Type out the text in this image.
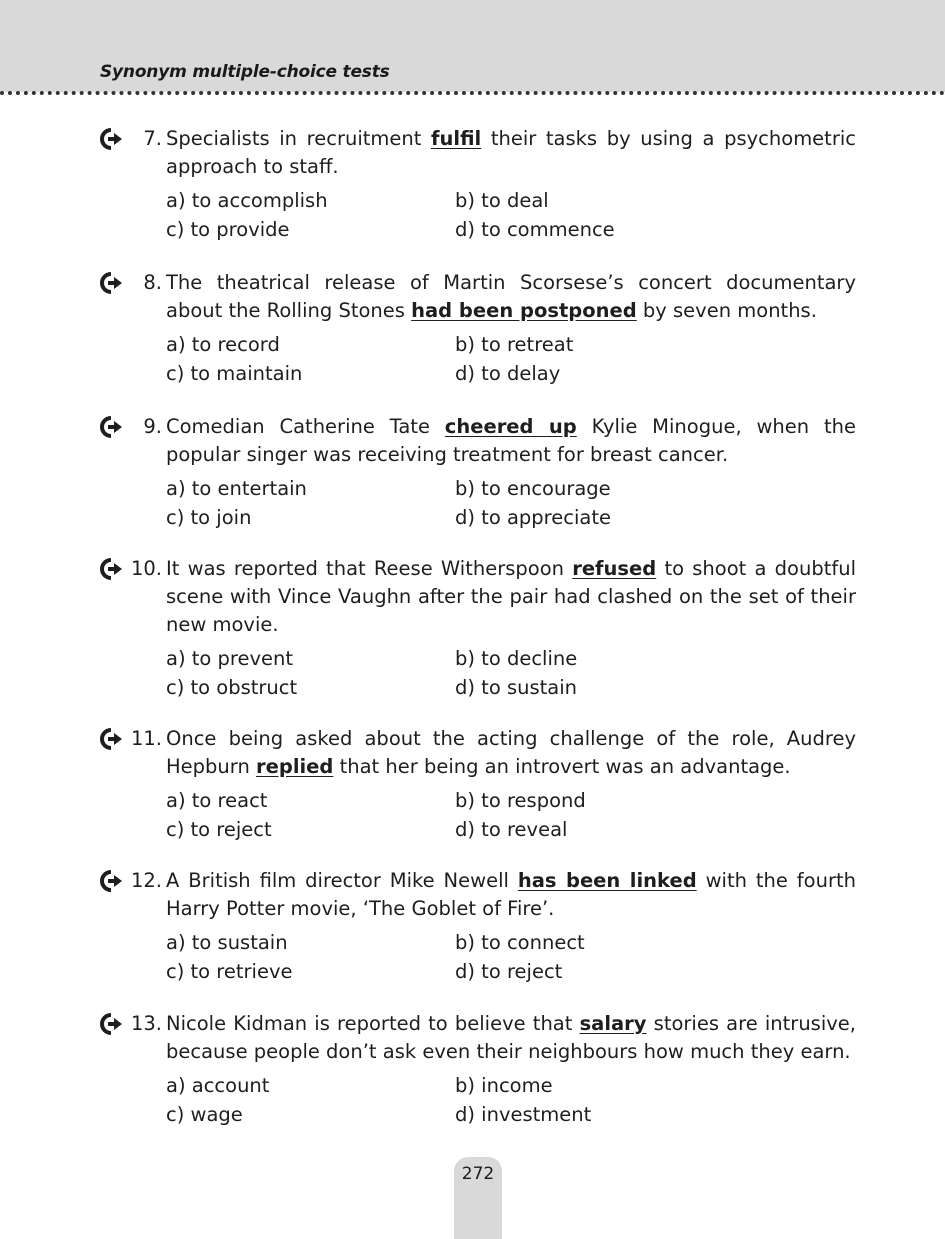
Synonym multiple-choice tests
7. Specialists in recruitment fulfil their tasks by using a psychometric approach to staff.
a) to accomplish	b) to deal
c) to provide	d) to commence
8. The theatrical release of Martin Scorsese’s concert documentary about the Rolling Stones had been postponed by seven months.
a) to record	b) to retreat
c) to maintain	d) to delay
9. Comedian Catherine Tate cheered up Kylie Minogue, when the popular singer was receiving treatment for breast cancer.
a) to entertain	b) to encourage
c) to join	d) to appreciate
10. It was reported that Reese Witherspoon refused to shoot a doubtful scene with Vince Vaughn after the pair had clashed on the set of their new movie.
a) to prevent	b) to decline
c) to obstruct	d) to sustain
11. Once being asked about the acting challenge of the role, Audrey Hepburn replied that her being an introvert was an advantage.
a) to react	b) to respond
c) to reject	d) to reveal
12. A British film director Mike Newell has been linked with the fourth Harry Potter movie, ‘The Goblet of Fire’.
a) to sustain	b) to connect
c) to retrieve	d) to reject
13. Nicole Kidman is reported to believe that salary stories are intrusive, because people don’t ask even their neighbours how much they earn.
a) account	b) income
c) wage	d) investment
272
